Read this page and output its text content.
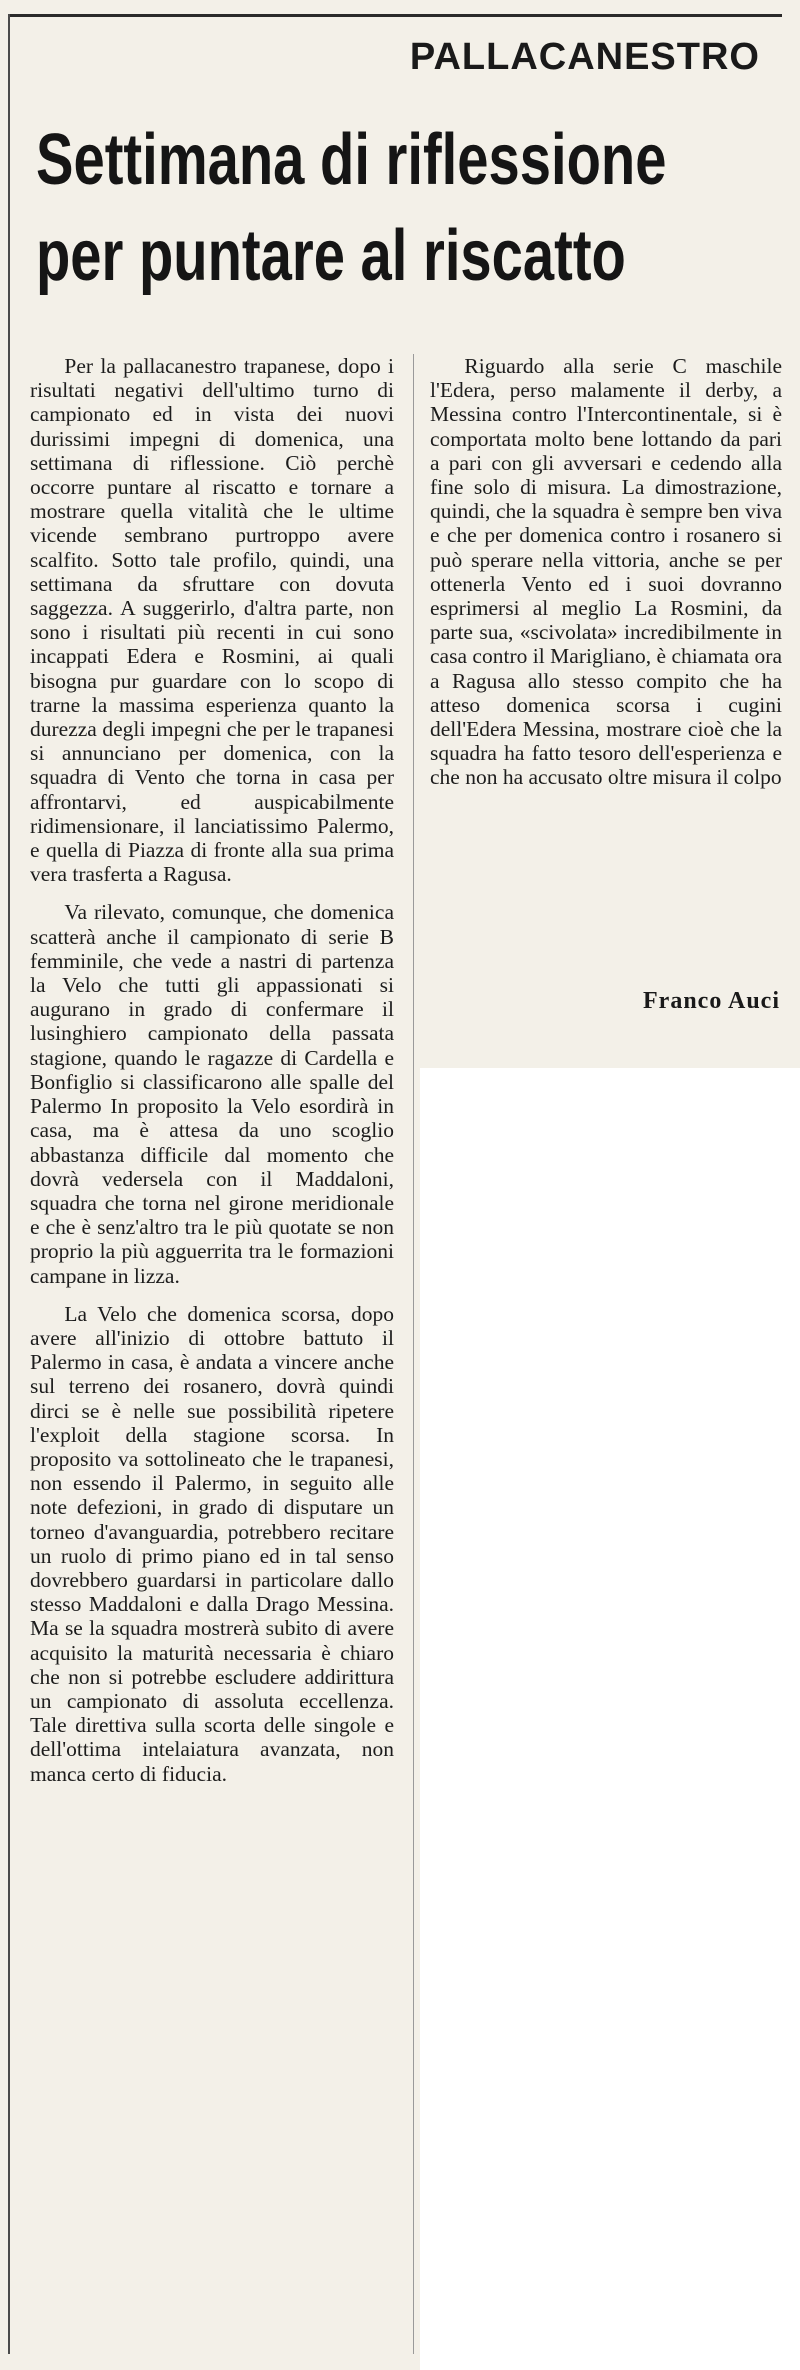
PALLACANESTRO
Settimana di riflessione
per puntare al riscatto

Per la pallacanestro trapanese, dopo i risultati negativi dell'ultimo turno di campionato ed in vista dei nuovi durissimi impegni di domenica, una settimana di riflessione. Ciò perchè occorre puntare al riscatto e tornare a mostrare quella vitalità che le ultime vicende sembrano purtroppo avere scalfito. Sotto tale profilo, quindi, una settimana da sfruttare con dovuta saggezza. A suggerirlo, d'altra parte, non sono i risultati più recenti in cui sono incappati Edera e Rosmini, ai quali bisogna pur guardare con lo scopo di trarne la massima esperienza quanto la durezza degli impegni che per le trapanesi si annunciano per domenica, con la squadra di Vento che torna in casa per affrontarvi, ed auspicabilmente ridimensionare, il lanciatissimo Palermo, e quella di Piazza di fronte alla sua prima vera trasferta a Ragusa.

Va rilevato, comunque, che domenica scatterà anche il campionato di serie B femminile, che vede a nastri di partenza la Velo che tutti gli appassionati si augurano in grado di confermare il lusinghiero campionato della passata stagione, quando le ragazze di Cardella e Bonfiglio si classificarono alle spalle del Palermo In proposito la Velo esordirà in casa, ma è attesa da uno scoglio abbastanza difficile dal momento che dovrà vedersela con il Maddaloni, squadra che torna nel girone meridionale e che è senz'altro tra le più quotate se non proprio la più agguerrita tra le formazioni campane in lizza.

La Velo che domenica scorsa, dopo avere all'inizio di ottobre battuto il Palermo in casa, è andata a vincere anche sul terreno dei rosanero, dovrà quindi dirci se è nelle sue possibilità ripetere l'exploit della stagione scorsa. In proposito va sottolineato che le trapanesi, non essendo il Palermo, in seguito alle note defezioni, in grado di disputare un torneo d'avanguardia, potrebbero recitare un ruolo di primo piano ed in tal senso dovrebbero guardarsi in particolare dallo stesso Maddaloni e dalla Drago Messina. Ma se la squadra mostrerà subito di avere acquisito la maturità necessaria è chiaro che non si potrebbe escludere addirittura un campionato di assoluta eccellenza. Tale direttiva sulla scorta delle singole e dell'ottima intelaiatura avanzata, non manca certo di fiducia.

Riguardo alla serie C maschile l'Edera, perso malamente il derby, a Messina contro l'Intercontinentale, si è comportata molto bene lottando da pari a pari con gli avversari e cedendo alla fine solo di misura. La dimostrazione, quindi, che la squadra è sempre ben viva e che per domenica contro i rosanero si può sperare nella vittoria, anche se per ottenerla Vento ed i suoi dovranno esprimersi al meglio La Rosmini, da parte sua, «scivolata» incredibilmente in casa contro il Marigliano, è chiamata ora a Ragusa allo stesso compito che ha atteso domenica scorsa i cugini dell'Edera Messina, mostrare cioè che la squadra ha fatto tesoro dell'esperienza e che non ha accusato oltre misura il colpo

Franco Auci
